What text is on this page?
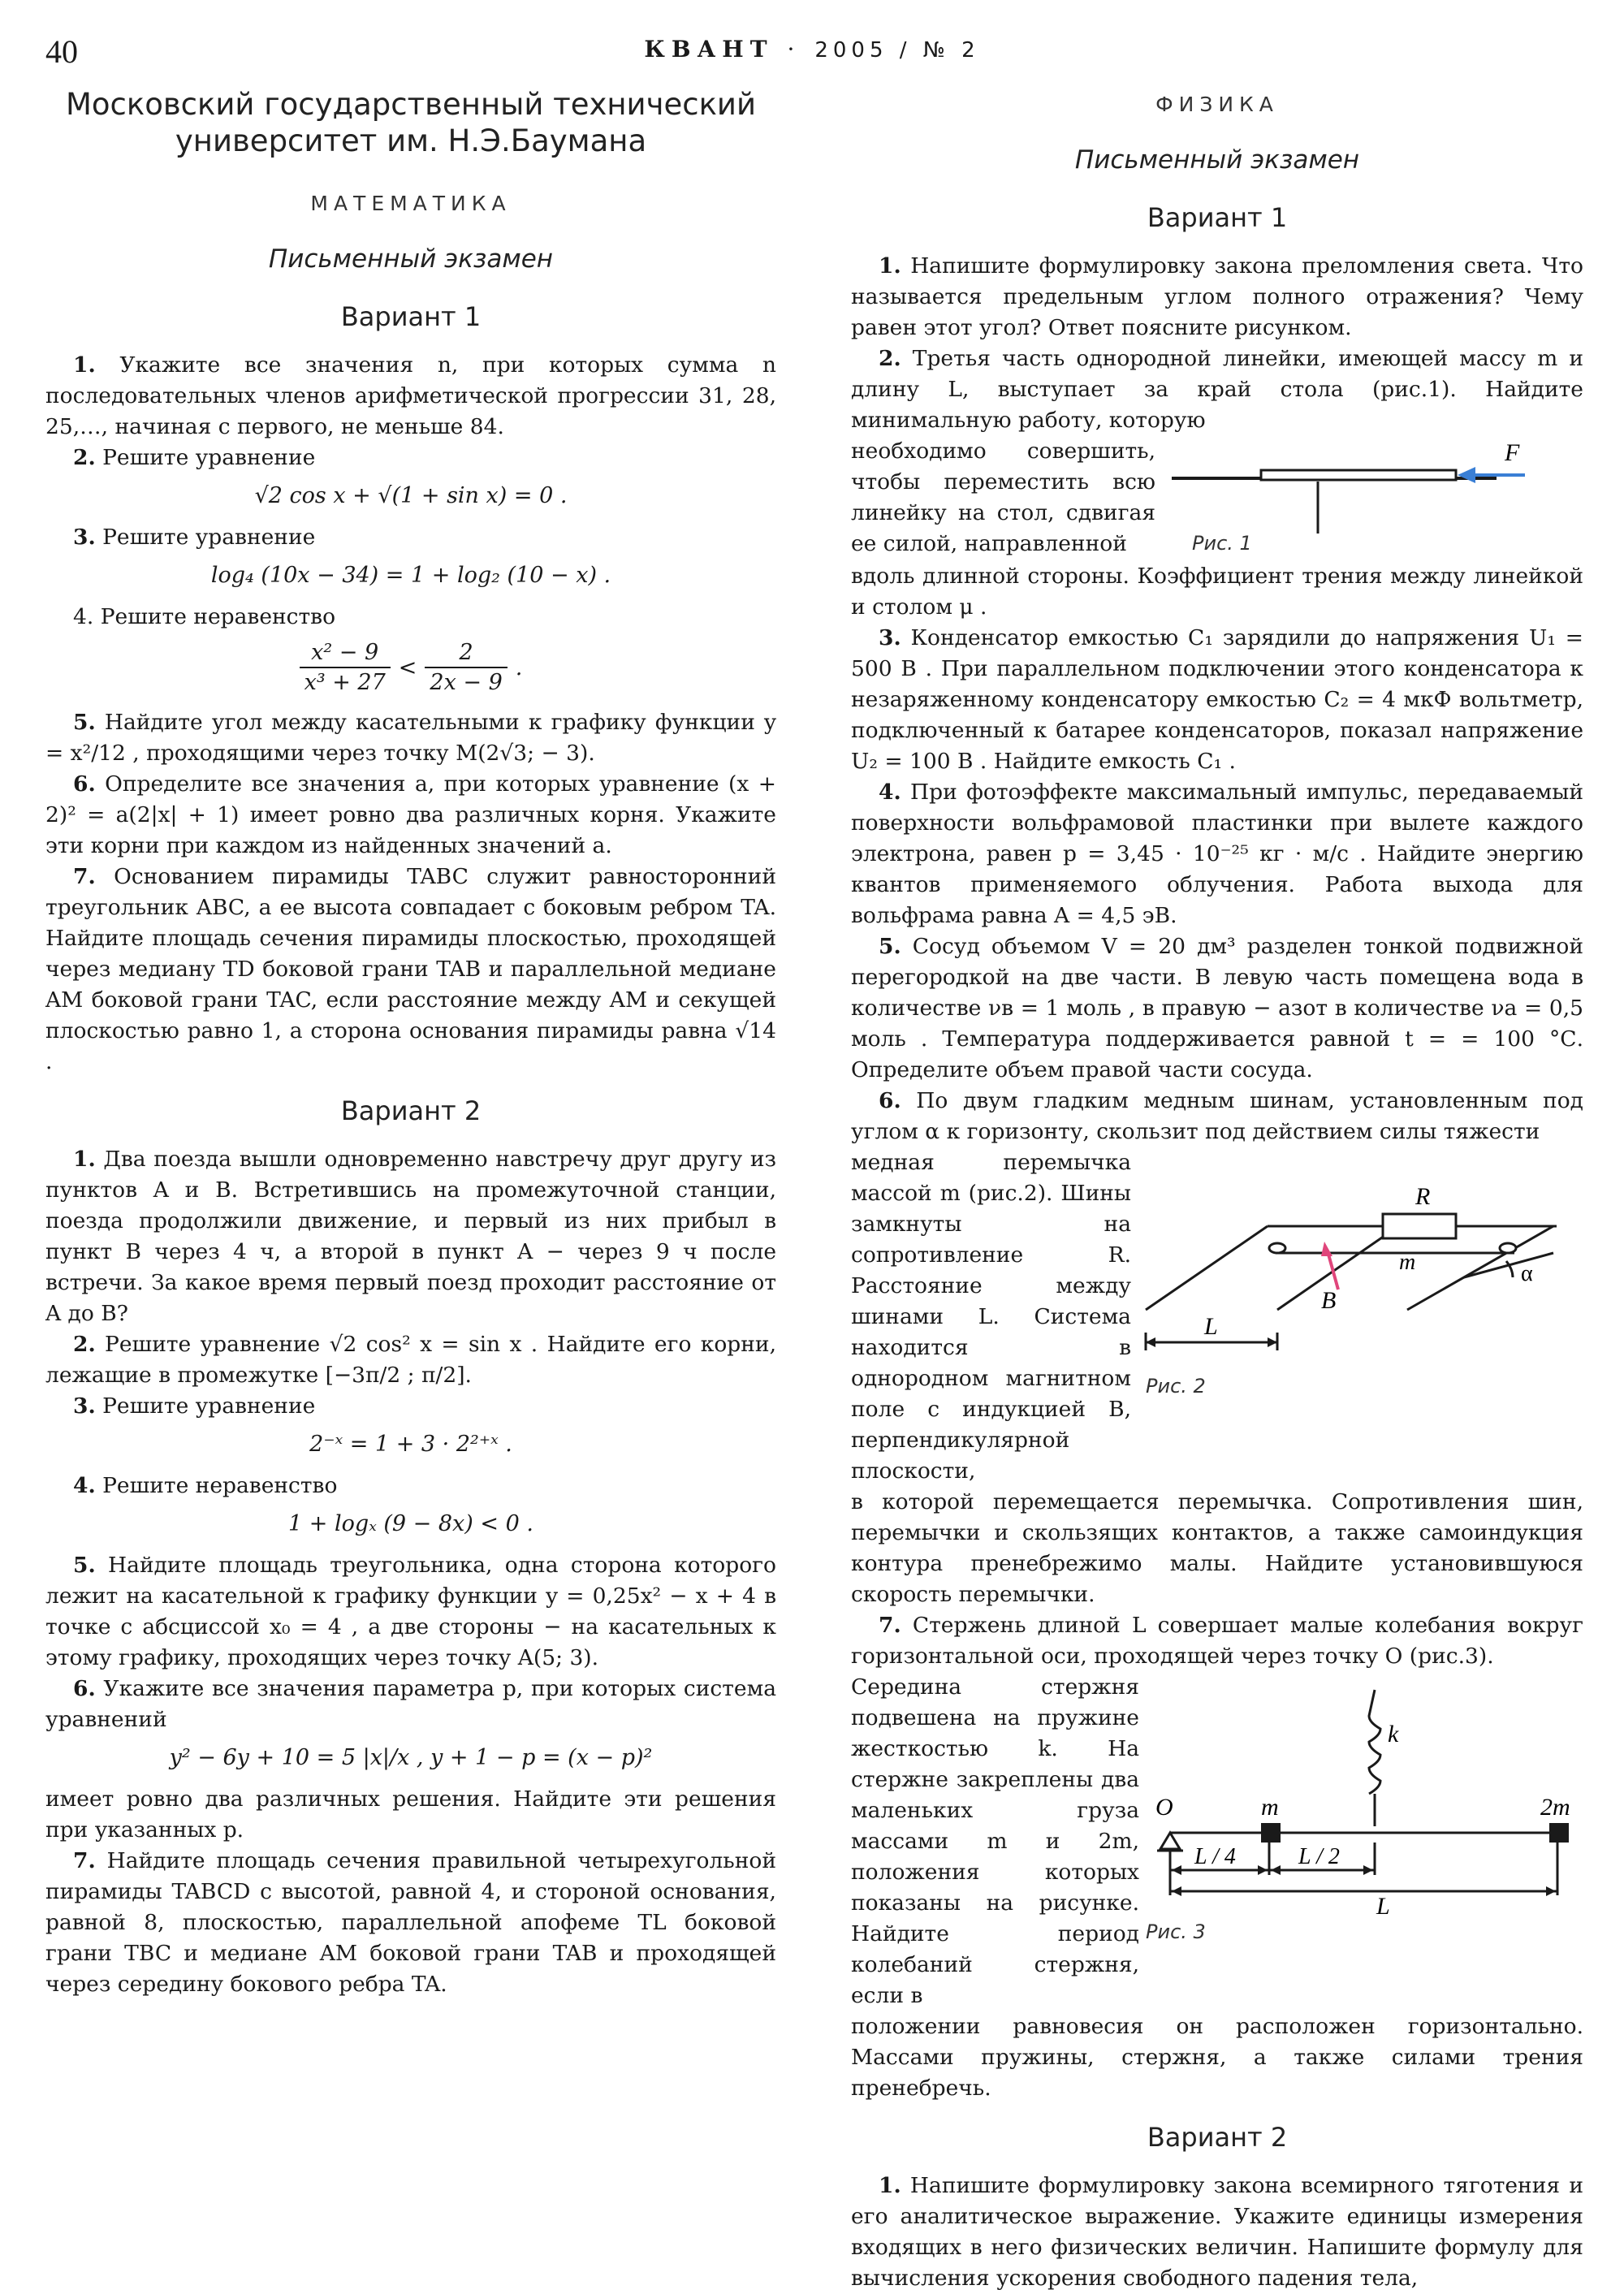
40	КВАНТ · 2005 / № 2
Московский государственный технический
университет им. Н.Э.Баумана
МАТЕМАТИКА
Письменный экзамен
Вариант 1

1. Укажите все значения n, при которых сумма n последовательных членов арифметической прогрессии 31, 28, 25,…, начиная с первого, не меньше 84.

2. Решите уравнение

√2 cos x + √(1 + sin x) = 0 .

3. Решите уравнение

log₄ (10x − 34) = 1 + log₂ (10 − x) .

4. Решите неравенство

$\frac{\text{x² − 9}}{\text{x³ + 27}} < \frac{2}{2x - 9}$ .

5. Найдите угол между касательными к графику функции y = x²/12 , проходящими через точку M(2√3; − 3).

6. Определите все значения a, при которых уравнение (x + 2)² = a(2|x| + 1) имеет ровно два различных корня. Укажите эти корни при каждом из найденных значений a.

7. Основанием пирамиды TABC служит равносторонний треугольник ABC, а ее высота совпадает с боковым ребром TA. Найдите площадь сечения пирамиды плоскостью, проходящей через медиану TD боковой грани TAB и параллельной медиане AM боковой грани TAC, если расстояние между AM и секущей плоскостью равно 1, а сторона основания пирамиды равна √14 .

Вариант 2

1. Два поезда вышли одновременно навстречу друг другу из пунктов A и B. Встретившись на промежуточной станции, поезда продолжили движение, и первый из них прибыл в пункт B через 4 ч, а второй в пункт A − через 9 ч после встречи. За какое время первый поезд проходит расстояние от A до B?

2. Решите уравнение √2 cos² x = sin x . Найдите его корни, лежащие в промежутке [−3π/2 ; π/2].

3. Решите уравнение

2⁻ˣ = 1 + 3 · 2²⁺ˣ .

4. Решите неравенство

1 + logₓ (9 − 8x) < 0 .

5. Найдите площадь треугольника, одна сторона которого лежит на касательной к графику функции y = 0,25x² − x + 4 в точке с абсциссой x₀ = 4 , а две стороны − на касательных к этому графику, проходящих через точку A(5; 3).

6. Укажите все значения параметра p, при которых система уравнений

y² − 6y + 10 = 5 |x|/x , y + 1 − p = (x − p)²

имеет ровно два различных решения. Найдите эти решения при указанных p.

7. Найдите площадь сечения правильной четырехугольной пирамиды TABCD с высотой, равной 4, и стороной основания, равной 8, плоскостью, параллельной апофеме TL боковой грани TBC и медиане AM боковой грани TAB и проходящей через середину бокового ребра TA.

ФИЗИКА
Письменный экзамен
Вариант 1

1. Напишите формулировку закона преломления света. Что называется предельным углом полного отражения? Чему равен этот угол? Ответ поясните рисунком.

2. Третья часть однородной линейки, имеющей массу m и длину L, выступает за край стола (рис.1). Найдите минимальную работу, которую

необходимо совершить, чтобы переместить всю линейку на стол, сдвигая ее силой, направленной

F
Рис. 1

вдоль длинной стороны. Коэффициент трения между линейкой и столом μ .

3. Конденсатор емкостью C₁ зарядили до напряжения U₁ = 500 В . При параллельном подключении этого конденсатора к незаряженному конденсатору емкостью C₂ = 4 мкФ вольтметр, подключенный к батарее конденсаторов, показал напряжение U₂ = 100 В . Найдите емкость C₁ .

4. При фотоэффекте максимальный импульс, передаваемый поверхности вольфрамовой пластинки при вылете каждого электрона, равен p = 3,45 · 10⁻²⁵ кг · м/с . Найдите энергию квантов применяемого облучения. Работа выхода для вольфрама равна A = 4,5 эВ.

5. Сосуд объемом V = 20 дм³ разделен тонкой подвижной перегородкой на две части. В левую часть помещена вода в количестве νв = 1 моль , в правую − азот в количестве νа = 0,5 моль . Температура поддерживается равной t = = 100 °С. Определите объем правой части сосуда.

6. По двум гладким медным шинам, установленным под углом α к горизонту, скользит под действием силы тяжести

медная перемычка массой m (рис.2). Шины замкнуты на сопротивление R. Расстояние между шинами L. Система находится в однородном магнитном поле с индукцией B, перпендикулярной плоскости,

R
m
B
α
L
Рис. 2

в которой перемещается перемычка. Сопротивления шин, перемычки и скользящих контактов, а также самоиндукция контура пренебрежимо малы. Найдите установившуюся скорость перемычки.

7. Стержень длиной L совершает малые колебания вокруг горизонтальной оси, проходящей через точку O (рис.3).

Середина стержня подвешена на пружине жесткостью k. На стержне закреплены два маленьких груза массами m и 2m, положения которых показаны на рисунке. Найдите период колебаний стержня, если в

O	m	2m
k
L / 4	L / 2
L
Рис. 3

положении равновесия он расположен горизонтально. Массами пружины, стержня, а также силами трения пренебречь.

Вариант 2

1. Напишите формулировку закона всемирного тяготения и его аналитическое выражение. Укажите единицы измерения входящих в него физических величин. Напишите формулу для вычисления ускорения свободного падения тела,
